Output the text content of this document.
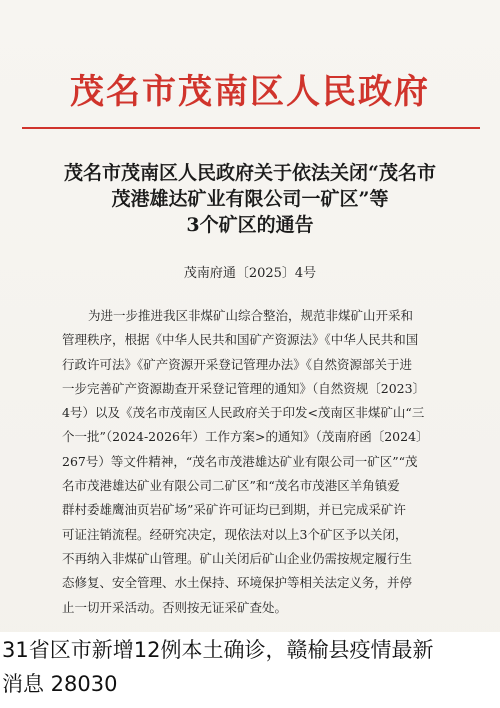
茂名市茂南区人民政府
茂名市茂南区人民政府关于依法关闭“茂名市
茂港雄达矿业有限公司一矿区”等
3个矿区的通告
茂南府通〔2025〕4号
为进一步推进我区非煤矿山综合整治，规范非煤矿山开采和
管理秩序，根据《中华人民共和国矿产资源法》《中华人民共和国
行政许可法》《矿产资源开采登记管理办法》《自然资源部关于进
一步完善矿产资源勘查开采登记管理的通知》（自然资规〔2023〕
4号）以及《茂名市茂南区人民政府关于印发<茂南区非煤矿山“三
个一批”（2024-2026年）工作方案>的通知》（茂南府函〔2024〕
267号）等文件精神，“茂名市茂港雄达矿业有限公司一矿区”“茂
名市茂港雄达矿业有限公司二矿区”和“茂名市茂港区羊角镇爱
群村委雄鹰油页岩矿场”采矿许可证均已到期，并已完成采矿许
可证注销流程。经研究决定，现依法对以上3个矿区予以关闭，
不再纳入非煤矿山管理。矿山关闭后矿山企业仍需按规定履行生
态修复、安全管理、水土保持、环境保护等相关法定义务，并停
止一切开采活动。否则按无证采矿查处。
31省区市新增12例本土确诊，赣榆县疫情最新
消息 28030
